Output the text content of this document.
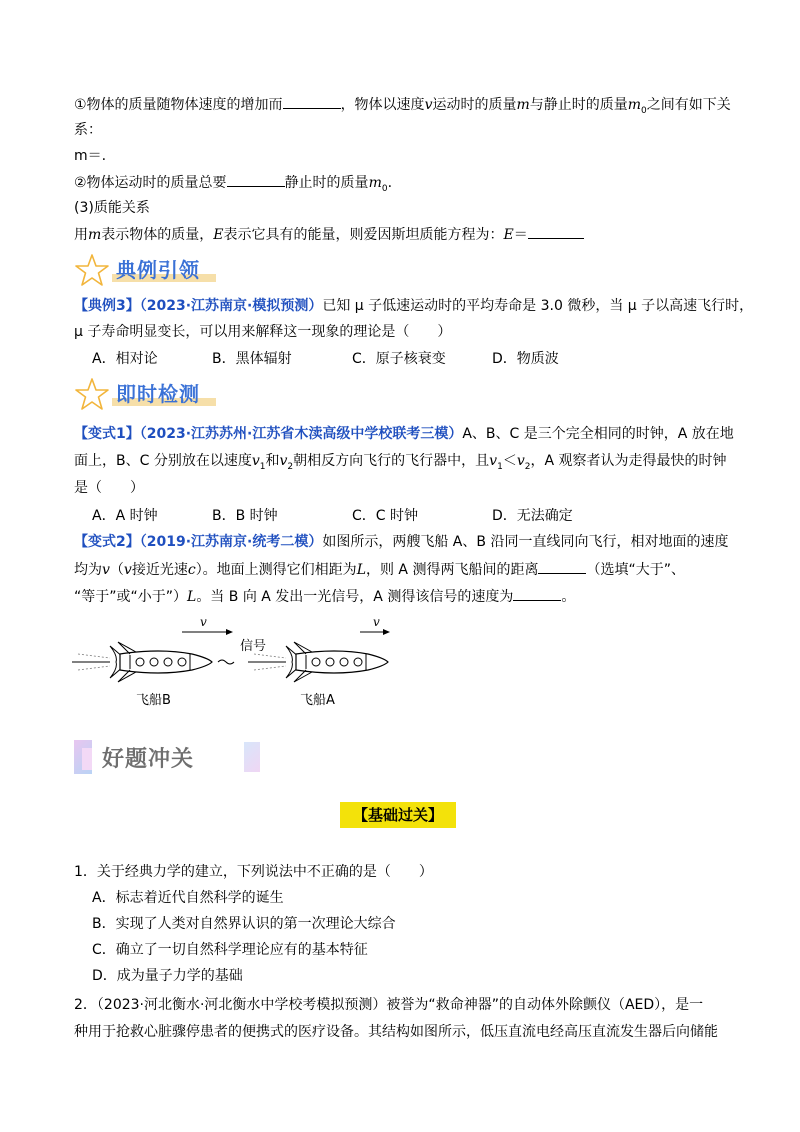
①物体的质量随物体速度的增加而	，物体以速度v运动时的质量m与静止时的质量$m_0$之间有如下关
系：
m＝.
②物体运动时的质量总要	静止时的质量$m_0$.
(3)质能关系
用m表示物体的质量，E表示它具有的能量，则爱因斯坦质能方程为：E＝
典例引领
【典例3】（2023·江苏南京·模拟预测）已知 μ 子低速运动时的平均寿命是 3.0 微秒，当 μ 子以高速飞行时，
μ 子寿命明显变长，可以用来解释这一现象的理论是（　　）
A．相对论	B．黑体辐射	C．原子核衰变	D．物质波
即时检测
【变式1】（2023·江苏苏州·江苏省木渎高级中学校联考三模）A、B、C 是三个完全相同的时钟，A 放在地
面上，B、C 分别放在以速度$v_1$和$v_2$朝相反方向飞行的飞行器中，且$v_1<v_2$，A 观察者认为走得最快的时钟
是（　　）
A．A 时钟	B．B 时钟	C．C 时钟	D．无法确定
【变式2】（2019·江苏南京·统考二模）如图所示，两艘飞船 A、B 沿同一直线同向飞行，相对地面的速度
均为v（v接近光速c）。地面上测得它们相距为L，则 A 测得两飞船间的距离	（选填“大于”、
“等于”或“小于”）L。当 B 向 A 发出一光信号，A 测得该信号的速度为	。
v	v
信号
飞船B	飞船A
好题冲关
【基础过关】
1．关于经典力学的建立，下列说法中不正确的是（　　）
A．标志着近代自然科学的诞生
B．实现了人类对自然界认识的第一次理论大综合
C．确立了一切自然科学理论应有的基本特征
D．成为量子力学的基础
2．（2023·河北衡水·河北衡水中学校考模拟预测）被誉为“救命神器”的自动体外除颤仪（AED），是一
种用于抢救心脏骤停患者的便携式的医疗设备。其结构如图所示，低压直流电经高压直流发生器后向储能
